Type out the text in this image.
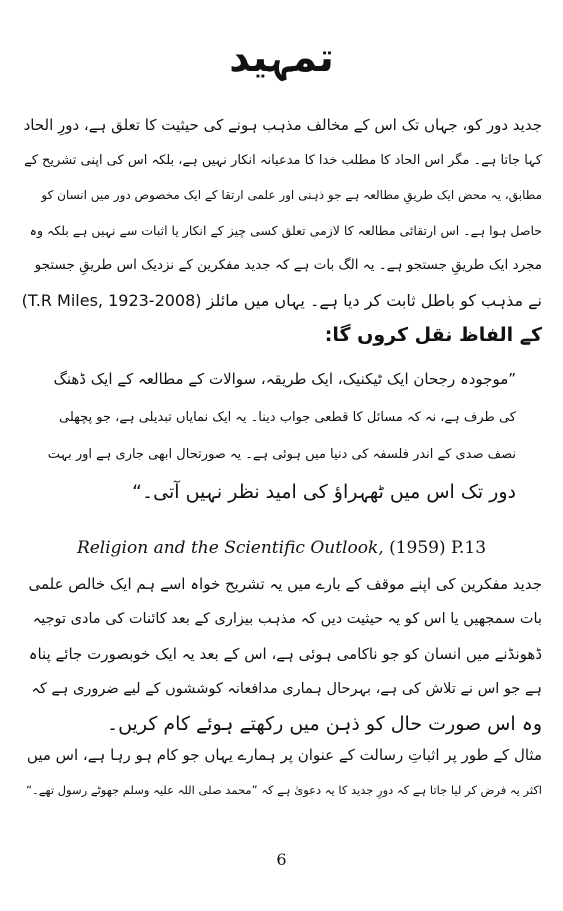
تمہید
جدید دور کو، جہاں تک اس کے مخالف مذہب ہونے کی حیثیت کا تعلق ہے، دورِ الحاد
کہا جاتا ہے۔ مگر اس الحاد کا مطلب خدا کا مدعیانہ انکار نہیں ہے، بلکہ اس کی اپنی تشریح کے
مطابق، یہ محض ایک طریقِ مطالعہ ہے جو ذہنی اور علمی ارتقا کے ایک مخصوص دور میں انسان کو
حاصل ہوا ہے۔ اس ارتقائی مطالعہ کا لازمی تعلق کسی چیز کے انکار یا اثبات سے نہیں ہے بلکہ وہ
مجرد ایک طریقِ جستجو ہے۔ یہ الگ بات ہے کہ جدید مفکرین کے نزدیک اس طریقِ جستجو
نے مذہب کو باطل ثابت کر دیا ہے۔ یہاں میں مائلز (T.R Miles, 1923-2008)
کے الفاظ نقل کروں گا:
”موجودہ رجحان ایک ٹیکنیک، ایک طریقہ، سوالات کے مطالعہ کے ایک ڈھنگ
کی طرف ہے، نہ کہ مسائل کا قطعی جواب دینا۔ یہ ایک نمایاں تبدیلی ہے، جو پچھلی
نصف صدی کے اندر فلسفہ کی دنیا میں ہوئی ہے۔ یہ صورتحال ابھی جاری ہے اور بہت
دور تک اس میں ٹھہراؤ کی امید نظر نہیں آتی۔“
Religion and the Scientific Outlook, (1959) P.13
جدید مفکرین کی اپنے موقف کے بارے میں یہ تشریح خواہ اسے ہم ایک خالص علمی
بات سمجھیں یا اس کو یہ حیثیت دیں کہ مذہب بیزاری کے بعد کائنات کی مادی توجیہ
ڈھونڈنے میں انسان کو جو ناکامی ہوئی ہے، اس کے بعد یہ ایک خوبصورت جائے پناہ
ہے جو اس نے تلاش کی ہے، بہرحال ہماری مدافعانہ کوششوں کے لیے ضروری ہے کہ
وہ اس صورت حال کو ذہن میں رکھتے ہوئے کام کریں۔
مثال کے طور پر اثباتِ رسالت کے عنوان پر ہمارے یہاں جو کام ہو رہا ہے، اس میں
اکثر یہ فرض کر لیا جاتا ہے کہ دورِ جدید کا یہ دعویٰ ہے کہ ”محمد صلی اللہ علیہ وسلم جھوٹے رسول تھے۔“
6
